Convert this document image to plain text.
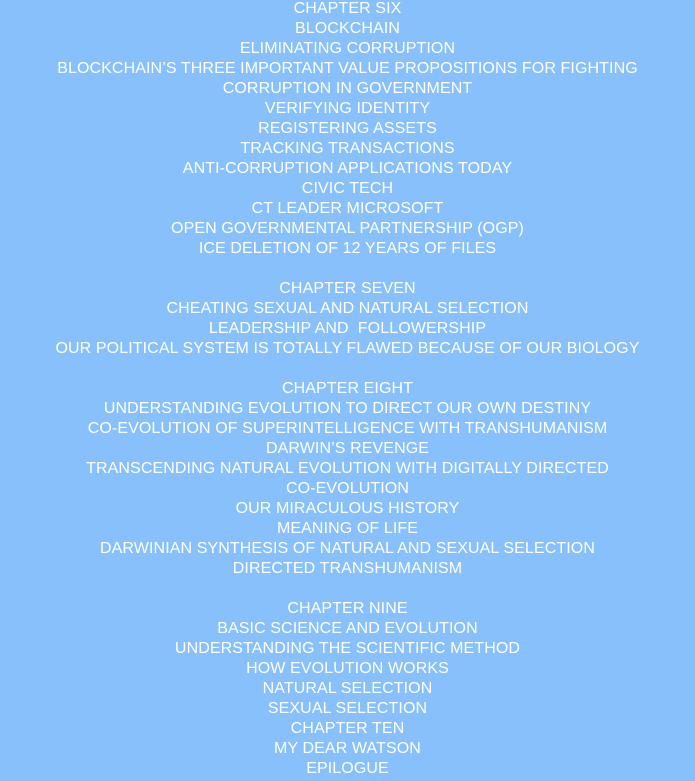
CHAPTER SIX
BLOCKCHAIN
ELIMINATING CORRUPTION
BLOCKCHAIN’S THREE IMPORTANT VALUE PROPOSITIONS FOR FIGHTING
CORRUPTION IN GOVERNMENT
VERIFYING IDENTITY
REGISTERING ASSETS
TRACKING TRANSACTIONS
ANTI-CORRUPTION APPLICATIONS TODAY
CIVIC TECH
CT LEADER MICROSOFT
OPEN GOVERNMENTAL PARTNERSHIP (OGP)
ICE DELETION OF 12 YEARS OF FILES
CHAPTER SEVEN
CHEATING SEXUAL AND NATURAL SELECTION
LEADERSHIP AND  FOLLOWERSHIP
OUR POLITICAL SYSTEM IS TOTALLY FLAWED BECAUSE OF OUR BIOLOGY
CHAPTER EIGHT
UNDERSTANDING EVOLUTION TO DIRECT OUR OWN DESTINY
CO-EVOLUTION OF SUPERINTELLIGENCE WITH TRANSHUMANISM
DARWIN’S REVENGE
TRANSCENDING NATURAL EVOLUTION WITH DIGITALLY DIRECTED
CO-EVOLUTION
OUR MIRACULOUS HISTORY
MEANING OF LIFE
DARWINIAN SYNTHESIS OF NATURAL AND SEXUAL SELECTION
DIRECTED TRANSHUMANISM
CHAPTER NINE
BASIC SCIENCE AND EVOLUTION
UNDERSTANDING THE SCIENTIFIC METHOD
HOW EVOLUTION WORKS
NATURAL SELECTION
SEXUAL SELECTION
CHAPTER TEN
MY DEAR WATSON
EPILOGUE
